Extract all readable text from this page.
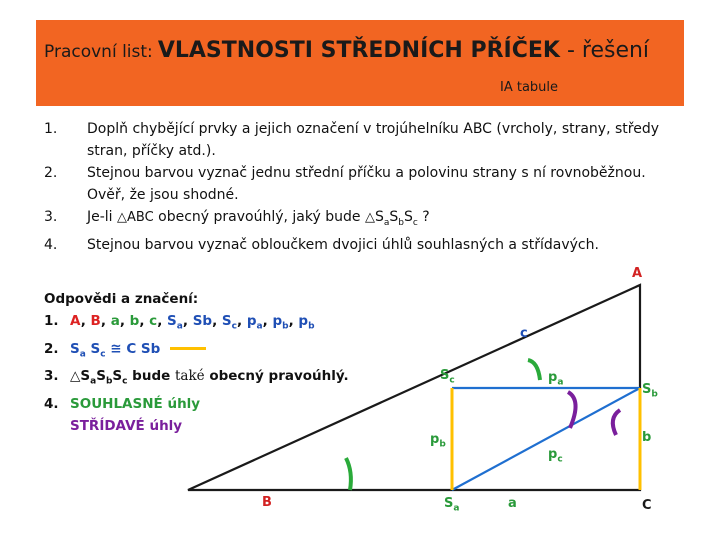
Pracovní list: VLASTNOSTI STŘEDNÍCH PŘÍČEK - řešení
IA tabule
1. Doplň chybějící prvky a jejich označení v trojúhelníku ABC (vrcholy, strany, středy stran, příčky atd.).
2. Stejnou barvou vyznač jednu střední příčku a polovinu strany s ní rovnoběžnou. Ověř, že jsou shodné.
3. Je-li △ABC obecný pravoúhlý, jaký bude $\triangle S_aS_bS_c$ ?
4. Stejnou barvou vyznač obloučkem dvojici úhlů souhlasných a střídavých.
Odpovědi a značení:
1. A, B, a, b, c, $S_a$, Sb, $S_c$, $p_a$, $p_b$, $p_b$
2. $S_a$ $S_c$ ≅ C Sb
3. $\triangle S_aS_bS_c$ bude také obecný pravoúhlý.
4. SOUHLASNÉ úhly
STŘÍDAVÉ úhly
A
B	C
c
a
b
$S_c$
$S_b$
$S_a$
$p_a$
$p_b$
$p_c$
